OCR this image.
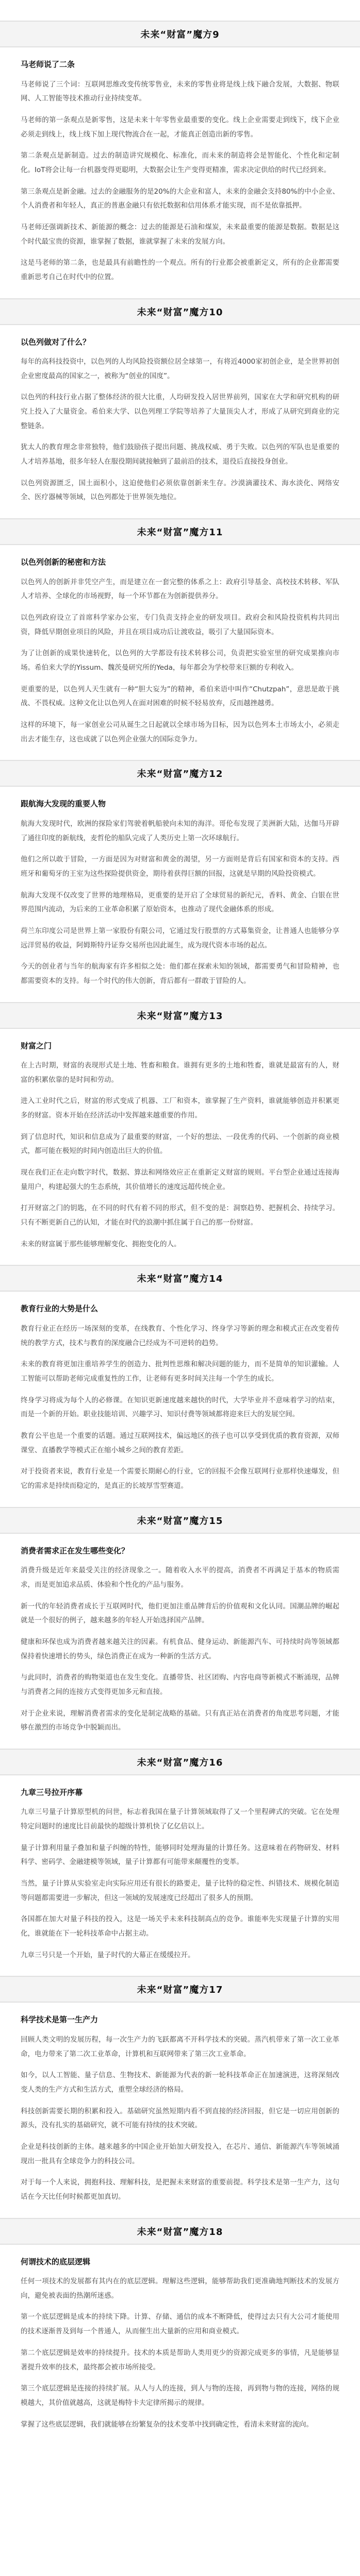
未来“财富”魔方9
马老师说了二条

马老师说了三个词：互联网思维改变传统零售业，未来的零售业将是线上线下融合发展，大数据、物联网、人工智能等技术推动行业持续变革。

马老师的第一条观点是新零售，这是未来十年零售业最重要的变化。线上企业需要走到线下，线下企业必须走到线上，线上线下加上现代物流合在一起，才能真正创造出新的零售。

第二条观点是新制造。过去的制造讲究规模化、标准化，而未来的制造将会是智能化、个性化和定制化。IoT将会让每一台机器变得更聪明，大数据会让生产变得更精准，需求决定供给的时代已经到来。

第三条观点是新金融。过去的金融服务的是20%的大企业和富人，未来的金融会支持80%的中小企业、个人消费者和年轻人，真正的普惠金融只有依托数据和信用体系才能实现，而不是依靠抵押。

马老师还强调新技术、新能源的概念：过去的能源是石油和煤炭，未来最重要的能源是数据。数据是这个时代最宝贵的资源，谁掌握了数据，谁就掌握了未来的发展方向。

这是马老师的第二条，也是最具有前瞻性的一个观点。所有的行业都会被重新定义，所有的企业都需要重新思考自己在时代中的位置。

未来“财富”魔方10
以色列做对了什么？

每年的高科技投资中，以色列的人均风险投资额位居全球第一，有将近4000家初创企业，是全世界初创企业密度最高的国家之一，被称为“创业的国度”。

以色列的科技行业占据了整体经济的很大比重，人均研发投入居世界前列，国家在大学和研究机构的研究上投入了大量资金。希伯来大学、以色列理工学院等培养了大量顶尖人才，形成了从研究到商业的完整链条。

犹太人的教育理念非常独特，他们鼓励孩子提出问题、挑战权威、勇于失败。以色列的军队也是重要的人才培养基地，很多年轻人在服役期间就接触到了最前沿的技术，退役后直接投身创业。

以色列资源匮乏，国土面积小，这迫使他们必须依靠创新来生存。沙漠滴灌技术、海水淡化、网络安全、医疗器械等领域，以色列都处于世界领先地位。

未来“财富”魔方11
以色列创新的秘密和方法

以色列人的创新并非凭空产生，而是建立在一套完整的体系之上：政府引导基金、高校技术转移、军队人才培养、全球化的市场视野，每一个环节都在为创新提供养分。

以色列政府设立了首席科学家办公室，专门负责支持企业的研发项目。政府会和风险投资机构共同出资，降低早期创业项目的风险，并且在项目成功后让渡收益，吸引了大量国际资本。

为了让创新的成果快速转化，以色列的大学都设有技术转移公司，负责把实验室里的研究成果推向市场。希伯来大学的Yissum、魏茨曼研究所的Yeda，每年都会为学校带来巨额的专利收入。

更重要的是，以色列人天生就有一种“胆大妄为”的精神，希伯来语中叫作“Chutzpah”，意思是敢于挑战、不畏权威。这种文化让以色列人在面对困难的时候不轻易放弃，反而越挫越勇。

这样的环境下，每一家创业公司从诞生之日起就以全球市场为目标，因为以色列本土市场太小，必须走出去才能生存，这也成就了以色列企业强大的国际竞争力。

未来“财富”魔方12
跟航海大发现的重要人物

航海大发现时代，欧洲的探险家们驾驶着帆船驶向未知的海洋。哥伦布发现了美洲新大陆，达伽马开辟了通往印度的新航线，麦哲伦的船队完成了人类历史上第一次环球航行。

他们之所以敢于冒险，一方面是因为对财富和黄金的渴望，另一方面则是背后有国家和资本的支持。西班牙和葡萄牙的王室为这些探险提供资金，期待着获得巨额的回报，这就是早期的风险投资模式。

航海大发现不仅改变了世界的地理格局，更重要的是开启了全球贸易的新纪元，香料、黄金、白银在世界范围内流动，为后来的工业革命积累了原始资本，也推动了现代金融体系的形成。

荷兰东印度公司是世界上第一家股份有限公司，它通过发行股票的方式募集资金，让普通人也能够分享远洋贸易的收益，阿姆斯特丹证券交易所也因此诞生，成为现代资本市场的起点。

今天的创业者与当年的航海家有许多相似之处：他们都在探索未知的领域，都需要勇气和冒险精神，也都需要资本的支持。每一个时代的伟大创新，背后都有一群敢于冒险的人。

未来“财富”魔方13
财富之门

在上古时期，财富的表现形式是土地、牲畜和粮食。谁拥有更多的土地和牲畜，谁就是最富有的人，财富的积累依靠的是时间和劳动。

进入工业时代之后，财富的形式变成了机器、工厂和资本，谁掌握了生产资料，谁就能够创造并积累更多的财富。资本开始在经济活动中发挥越来越重要的作用。

到了信息时代，知识和信息成为了最重要的财富，一个好的想法、一段优秀的代码、一个创新的商业模式，都可能在极短的时间内创造出巨大的价值。

现在我们正在走向数字时代，数据、算法和网络效应正在重新定义财富的规则。平台型企业通过连接海量用户，构建起强大的生态系统，其价值增长的速度远超传统企业。

打开财富之门的钥匙，在不同的时代有着不同的形式，但不变的是：洞察趋势、把握机会、持续学习。只有不断更新自己的认知，才能在时代的浪潮中抓住属于自己的那一份财富。

未来的财富属于那些能够理解变化、拥抱变化的人。

未来“财富”魔方14
教育行业的大势是什么

教育行业正在经历一场深刻的变革，在线教育、个性化学习、终身学习等新的理念和模式正在改变着传统的教学方式，技术与教育的深度融合已经成为不可逆转的趋势。

未来的教育将更加注重培养学生的创造力、批判性思维和解决问题的能力，而不是简单的知识灌输。人工智能可以帮助老师完成重复性的工作，让老师有更多时间关注每一个学生的成长。

终身学习将成为每个人的必修课。在知识更新速度越来越快的时代，大学毕业并不意味着学习的结束，而是一个新的开始。职业技能培训、兴趣学习、知识付费等领域都将迎来巨大的发展空间。

教育公平也是一个重要的话题。通过互联网技术，偏远地区的孩子也可以享受到优质的教育资源，双师课堂、直播教学等模式正在缩小城乡之间的教育差距。

对于投资者来说，教育行业是一个需要长期耐心的行业，它的回报不会像互联网行业那样快速爆发，但它的需求是持续而稳定的，是真正的长坡厚雪型赛道。

未来“财富”魔方15
消费者需求正在发生哪些变化？

消费升级是近年来最受关注的经济现象之一。随着收入水平的提高，消费者不再满足于基本的物质需求，而是更加追求品质、体验和个性化的产品与服务。

新一代的年轻消费者成长于互联网时代，他们更加注重品牌背后的价值观和文化认同。国潮品牌的崛起就是一个很好的例子，越来越多的年轻人开始选择国产品牌。

健康和环保也成为消费者越来越关注的因素。有机食品、健身运动、新能源汽车、可持续时尚等领域都保持着快速增长的势头，绿色消费正在成为一种新的生活方式。

与此同时，消费者的购物渠道也在发生变化。直播带货、社区团购、内容电商等新模式不断涌现，品牌与消费者之间的连接方式变得更加多元和直接。

对于企业来说，理解消费者需求的变化是制定战略的基础。只有真正站在消费者的角度思考问题，才能够在激烈的市场竞争中脱颖而出。

未来“财富”魔方16
九章三号拉开序幕

九章三号量子计算原型机的问世，标志着我国在量子计算领域取得了又一个里程碑式的突破。它在处理特定问题时的速度比目前最快的超级计算机快了亿亿倍以上。

量子计算利用量子叠加和量子纠缠的特性，能够同时处理海量的计算任务。这意味着在药物研发、材料科学、密码学、金融建模等领域，量子计算都有可能带来颠覆性的变革。

当然，量子计算从实验室走向实际应用还有很长的路要走，量子比特的稳定性、纠错技术、规模化制造等问题都需要进一步解决，但这一领域的发展速度已经超出了很多人的预期。

各国都在加大对量子科技的投入，这是一场关乎未来科技制高点的竞争。谁能率先实现量子计算的实用化，谁就能在下一轮科技革命中占据主动。

九章三号只是一个开始，量子时代的大幕正在缓缓拉开。

未来“财富”魔方17
科学技术是第一生产力

回顾人类文明的发展历程，每一次生产力的飞跃都离不开科学技术的突破。蒸汽机带来了第一次工业革命，电力带来了第二次工业革命，计算机和互联网带来了第三次工业革命。

如今，以人工智能、量子信息、生物技术、新能源为代表的新一轮科技革命正在加速演进，这将深刻改变人类的生产方式和生活方式，重塑全球经济的格局。

科技创新需要长期的积累和投入。基础研究虽然短期内看不到直接的经济回报，但它是一切应用创新的源头，没有扎实的基础研究，就不可能有持续的技术突破。

企业是科技创新的主体。越来越多的中国企业开始加大研发投入，在芯片、通信、新能源汽车等领域涌现出一批具有全球竞争力的科技公司。

对于每一个人来说，拥抱科技、理解科技，是把握未来财富的重要前提。科学技术是第一生产力，这句话在今天比任何时候都更加真切。

未来“财富”魔方18
何谓技术的底层逻辑

任何一项技术的发展都有其内在的底层逻辑。理解这些逻辑，能够帮助我们更准确地判断技术的发展方向，避免被表面的热潮所迷惑。

第一个底层逻辑是成本的持续下降。计算、存储、通信的成本不断降低，使得过去只有大公司才能使用的技术逐渐普及到每一个普通人，从而催生出大量新的应用和商业模式。

第二个底层逻辑是效率的持续提升。技术的本质是帮助人类用更少的资源完成更多的事情，凡是能够显著提升效率的技术，最终都会被市场所接受。

第三个底层逻辑是连接的持续扩展。从人与人的连接，到人与物的连接，再到物与物的连接，网络的规模越大，其价值就越高，这就是梅特卡夫定律所揭示的规律。

掌握了这些底层逻辑，我们就能够在纷繁复杂的技术变革中找到确定性，看清未来财富的流向。
